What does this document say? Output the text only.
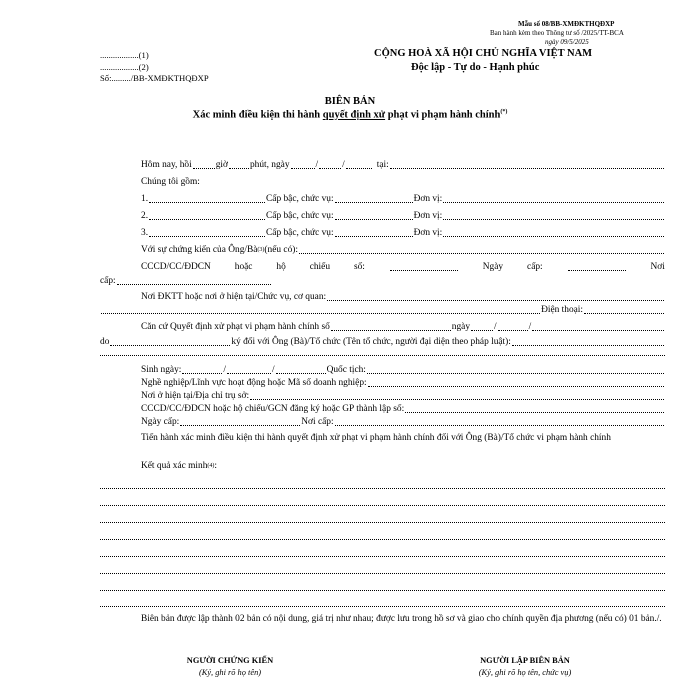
Mẫu số 08/BB-XMĐKTHQĐXP
Ban hành kèm theo Thông tư số /2025/TT-BCA
ngày 09/5/2025
..................(1)
..................(2)
Số:........./BB-XMĐKTHQĐXP
CỘNG HOÀ XÃ HỘI CHỦ NGHĨA VIỆT NAM
Độc lập - Tự do - Hạnh phúc
BIÊN BẢN
Xác minh điều kiện thi hành quyết định xử phạt vi phạm hành chính(*)
Hôm nay, hồi	giờ phút, ngày	/	/	tại:
Chúng tôi gồm:
1.	Cấp bậc, chức vụ:	Đơn vị:
2.	Cấp bậc, chức vụ:	Đơn vị:
3.	Cấp bậc, chức vụ:	Đơn vị:
Với sự chứng kiến của Ông/Bà (3) (nếu có):
CCCD/CC/ĐDCN	hoặc	hộ	chiếu	số:	Ngày	cấp:	Nơi
cấp:
Nơi ĐKTT hoặc nơi ở hiện tại/Chức vụ, cơ quan:
Điện thoại:
Căn cứ Quyết định xử phạt vi phạm hành chính số	ngày	/	/
do	ký đối với Ông (Bà)/Tổ chức (Tên tổ chức, người đại diện theo pháp luật):
Sinh ngày:	/	/	Quốc tịch:
Nghề nghiệp/Lĩnh vực hoạt động hoặc Mã số doanh nghiệp:
Nơi ở hiện tại/Địa chỉ trụ sở:
CCCD/CC/ĐDCN hoặc hộ chiếu/GCN đăng ký hoặc GP thành lập số:
Ngày cấp:	Nơi cấp:
Tiến hành xác minh điều kiện thi hành quyết định xử phạt vi phạm hành chính đối với Ông (Bà)/Tổ chức vi phạm hành chính
Kết quả xác minh (4) :
Biên bản được lập thành 02 bản có nội dung, giá trị như nhau; được lưu trong hồ sơ và giao cho chính quyền địa phương (nếu có) 01 bản./.
NGƯỜI CHỨNG KIẾN
(Ký, ghi rõ họ tên)
NGƯỜI LẬP BIÊN BẢN
(Ký, ghi rõ họ tên, chức vụ)
